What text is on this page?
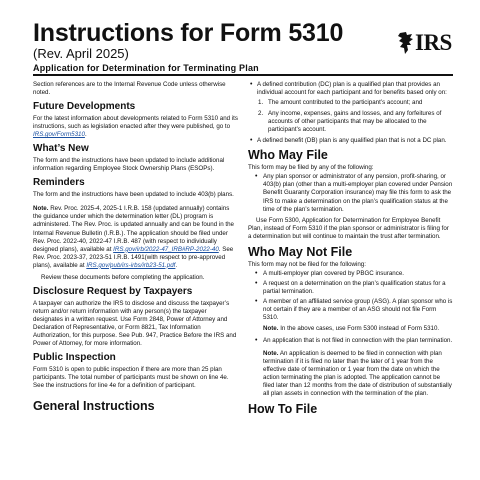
Instructions for Form 5310
(Rev. April 2025)
Application for Determination for Terminating Plan
IRS

Section references are to the Internal Revenue Code unless otherwise noted.

Future Developments

For the latest information about developments related to Form 5310 and its instructions, such as legislation enacted after they were published, go to IRS.gov/Form5310.

What’s New

The form and the instructions have been updated to include additional information regarding Employee Stock Ownership Plans (ESOPs).

Reminders

The form and the instructions have been updated to include 403(b) plans.

Note. Rev. Proc. 2025-4, 2025-1 I.R.B. 158 (updated annually) contains the guidance under which the determination letter (DL) program is administered. The Rev. Proc. is updated annually and can be found in the Internal Revenue Bulletin (I.R.B.). The application should be filed under Rev. Proc. 2022-40, 2022-47 I.R.B. 487 (with respect to individually designed plans), available at IRS.gov/irb/2022-47_IRB#RP-2022-40. See Rev. Proc. 2023-37, 2023-51 I.R.B. 1491(with respect to pre-approved plans), available at IRS.gov/pub/irs-irbs/irb23-51.pdf.

Review these documents before completing the application.

Disclosure Request by Taxpayers

A taxpayer can authorize the IRS to disclose and discuss the taxpayer’s return and/or return information with any person(s) the taxpayer designates in a written request. Use Form 2848, Power of Attorney and Declaration of Representative, or Form 8821, Tax Information Authorization, for this purpose. See Pub. 947, Practice Before the IRS and Power of Attorney, for more information.

Public Inspection

Form 5310 is open to public inspection if there are more than 25 plan participants. The total number of participants must be shown on line 4e. See the instructions for line 4e for a definition of participant.

General Instructions
• A defined contribution (DC) plan is a qualified plan that provides an individual account for each participant and for benefits based only on:
1. The amount contributed to the participant’s account; and
2. Any income, expenses, gains and losses, and any forfeitures of accounts of other participants that may be allocated to the participant’s account.
• A defined benefit (DB) plan is any qualified plan that is not a DC plan.
Who May File

This form may be filed by any of the following:

• Any plan sponsor or administrator of any pension, profit-sharing, or 403(b) plan (other than a multi-employer plan covered under Pension Benefit Guaranty Corporation insurance) may file this form to ask the IRS to make a determination on the plan’s qualification status at the time of the plan’s termination.

Use Form 5300, Application for Determination for Employee Benefit Plan, instead of Form 5310 if the plan sponsor or administrator is filing for a determination but will continue to maintain the trust after termination.

Who May Not File

This form may not be filed for the following:

• A multi-employer plan covered by PBGC insurance.
• A request on a determination on the plan’s qualification status for a partial termination.
• A member of an affiliated service group (ASG). A plan sponsor who is not certain if they are a member of an ASG should not file Form 5310.
Note. In the above cases, use Form 5300 instead of Form 5310.
• An application that is not filed in connection with the plan termination.
Note. An application is deemed to be filed in connection with plan termination if it is filed no later than the later of 1 year from the effective date of termination or 1 year from the date on which the action terminating the plan is adopted. The application cannot be filed later than 12 months from the date of distribution of substantially all plan assets in connection with the termination of the plan.
How To File
